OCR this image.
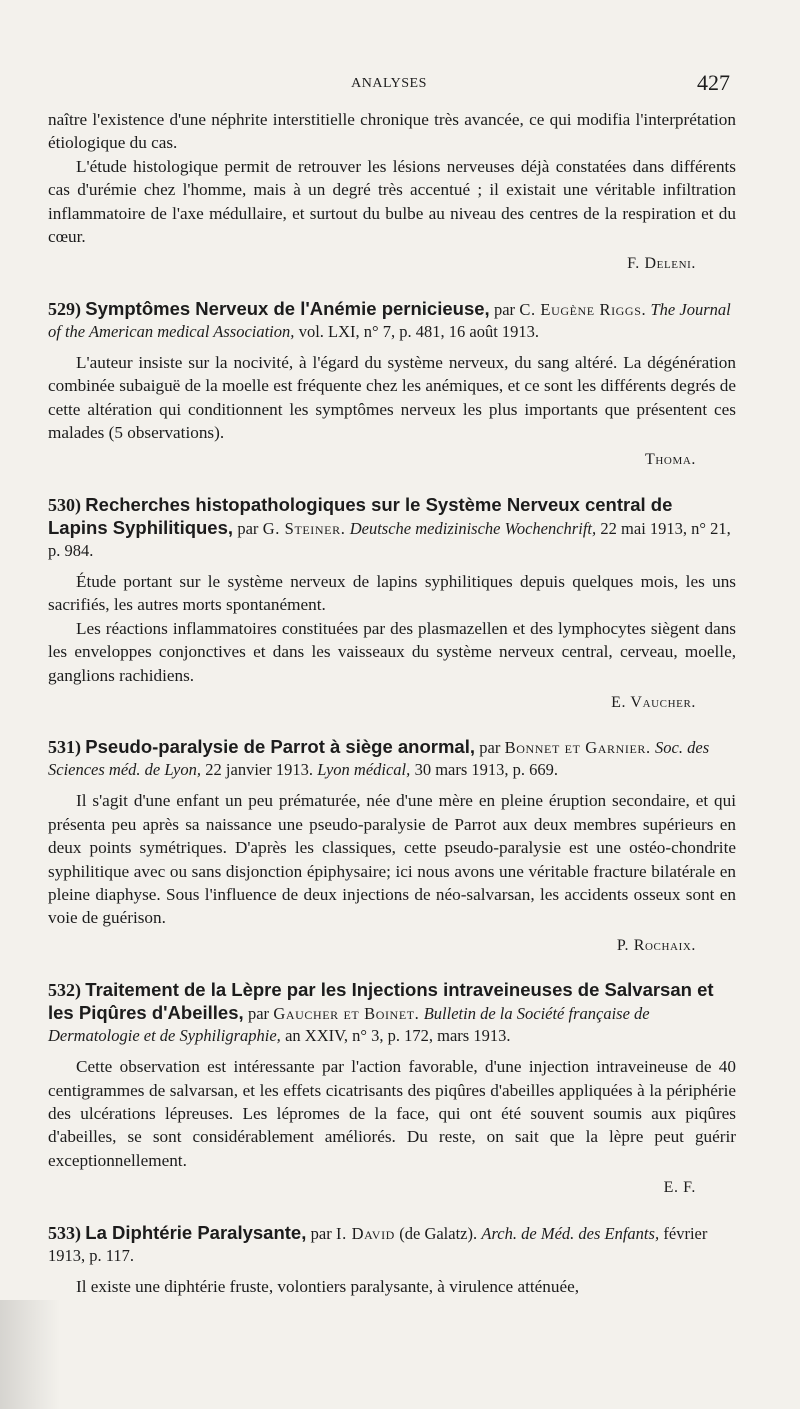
ANALYSES	427

naître l'existence d'une néphrite interstitielle chronique très avancée, ce qui modifia l'interprétation étiologique du cas.

L'étude histologique permit de retrouver les lésions nerveuses déjà constatées dans différents cas d'urémie chez l'homme, mais à un degré très accentué ; il existait une véritable infiltration inflammatoire de l'axe médullaire, et surtout du bulbe au niveau des centres de la respiration et du cœur.

F. Deleni.

529) Symptômes Nerveux de l'Anémie pernicieuse, par C. Eugène Riggs. The Journal of the American medical Association, vol. LXI, n° 7, p. 481, 16 août 1913.

L'auteur insiste sur la nocivité, à l'égard du système nerveux, du sang altéré. La dégénération combinée subaiguë de la moelle est fréquente chez les anémiques, et ce sont les différents degrés de cette altération qui conditionnent les symptômes nerveux les plus importants que présentent ces malades (5 observations).

Thoma.

530) Recherches histopathologiques sur le Système Nerveux central de Lapins Syphilitiques, par G. Steiner. Deutsche medizinische Wochenchrift, 22 mai 1913, n° 21, p. 984.

Étude portant sur le système nerveux de lapins syphilitiques depuis quelques mois, les uns sacrifiés, les autres morts spontanément.

Les réactions inflammatoires constituées par des plasmazellen et des lymphocytes siègent dans les enveloppes conjonctives et dans les vaisseaux du système nerveux central, cerveau, moelle, ganglions rachidiens.

E. Vaucher.

531) Pseudo-paralysie de Parrot à siège anormal, par Bonnet et Garnier. Soc. des Sciences méd. de Lyon, 22 janvier 1913. Lyon médical, 30 mars 1913, p. 669.

Il s'agit d'une enfant un peu prématurée, née d'une mère en pleine éruption secondaire, et qui présenta peu après sa naissance une pseudo-paralysie de Parrot aux deux membres supérieurs en deux points symétriques. D'après les classiques, cette pseudo-paralysie est une ostéo-chondrite syphilitique avec ou sans disjonction épiphysaire; ici nous avons une véritable fracture bilatérale en pleine diaphyse. Sous l'influence de deux injections de néo-salvarsan, les accidents osseux sont en voie de guérison.

P. Rochaix.

532) Traitement de la Lèpre par les Injections intraveineuses de Salvarsan et les Piqûres d'Abeilles, par Gaucher et Boinet. Bulletin de la Société française de Dermatologie et de Syphiligraphie, an XXIV, n° 3, p. 172, mars 1913.

Cette observation est intéressante par l'action favorable, d'une injection intraveineuse de 40 centigrammes de salvarsan, et les effets cicatrisants des piqûres d'abeilles appliquées à la périphérie des ulcérations lépreuses. Les lépromes de la face, qui ont été souvent soumis aux piqûres d'abeilles, se sont considérablement améliorés. Du reste, on sait que la lèpre peut guérir exceptionnellement.

E. F.

533) La Diphtérie Paralysante, par I. David (de Galatz). Arch. de Méd. des Enfants, février 1913, p. 117.

Il existe une diphtérie fruste, volontiers paralysante, à virulence atténuée,
